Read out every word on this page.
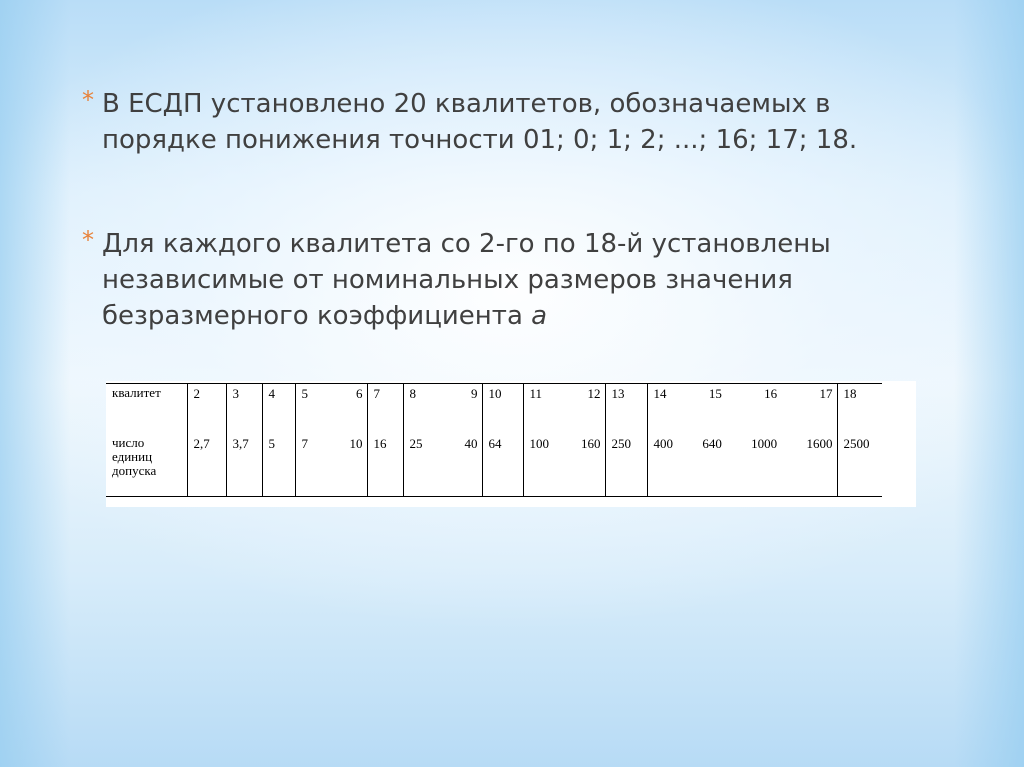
* В ЕСДП установлено 20 квалитетов, обозначаемых в
порядке понижения точности 01; 0; 1; 2; ...; 16; 17; 18.
* Для каждого квалитета со 2-го по 18-й установлены
независимые от номинальных размеров значения
безразмерного коэффициента а
квалитет	2	3	4	5 6	7	8 9	10	11 12	13	14 15 16 17	18

число
единиц
допуска	2,7	3,7	5	7 10	16	25 40	64	100 160	250	400 640 1000 1600	2500
